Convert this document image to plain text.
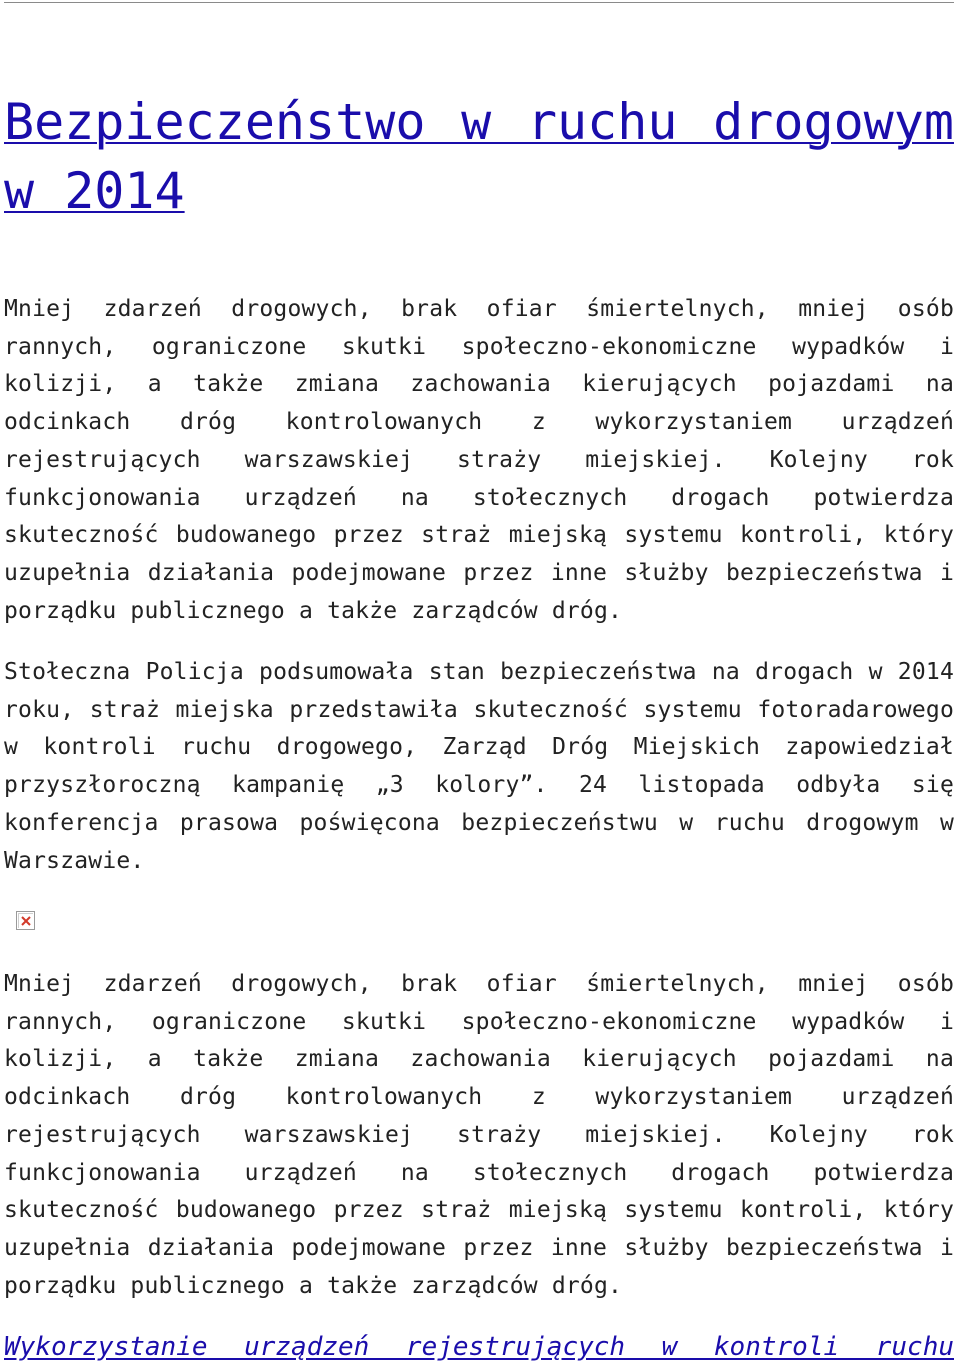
Bezpieczeństwo w ruchu drogowym w 2014

Mniej zdarzeń drogowych, brak ofiar śmiertelnych, mniej osób rannych, ograniczone skutki społeczno-ekonomiczne wypadków i kolizji, a także zmiana zachowania kierujących pojazdami na odcinkach dróg kontrolowanych z wykorzystaniem urządzeń rejestrujących warszawskiej straży miejskiej. Kolejny rok funkcjonowania urządzeń na stołecznych drogach potwierdza skuteczność budowanego przez straż miejską systemu kontroli, który uzupełnia działania podejmowane przez inne służby bezpieczeństwa i porządku publicznego a także zarządców dróg.

Stołeczna Policja podsumowała stan bezpieczeństwa na drogach w 2014 roku, straż miejska przedstawiła skuteczność systemu fotoradarowego w kontroli ruchu drogowego, Zarząd Dróg Miejskich zapowiedział przyszłoroczną kampanię „3 kolory”. 24 listopada odbyła się konferencja prasowa poświęcona bezpieczeństwu w ruchu drogowym w Warszawie.

Mniej zdarzeń drogowych, brak ofiar śmiertelnych, mniej osób rannych, ograniczone skutki społeczno-ekonomiczne wypadków i kolizji, a także zmiana zachowania kierujących pojazdami na odcinkach dróg kontrolowanych z wykorzystaniem urządzeń rejestrujących warszawskiej straży miejskiej. Kolejny rok funkcjonowania urządzeń na stołecznych drogach potwierdza skuteczność budowanego przez straż miejską systemu kontroli, który uzupełnia działania podejmowane przez inne służby bezpieczeństwa i porządku publicznego a także zarządców dróg.

Wykorzystanie urządzeń rejestrujących w kontroli ruchu
